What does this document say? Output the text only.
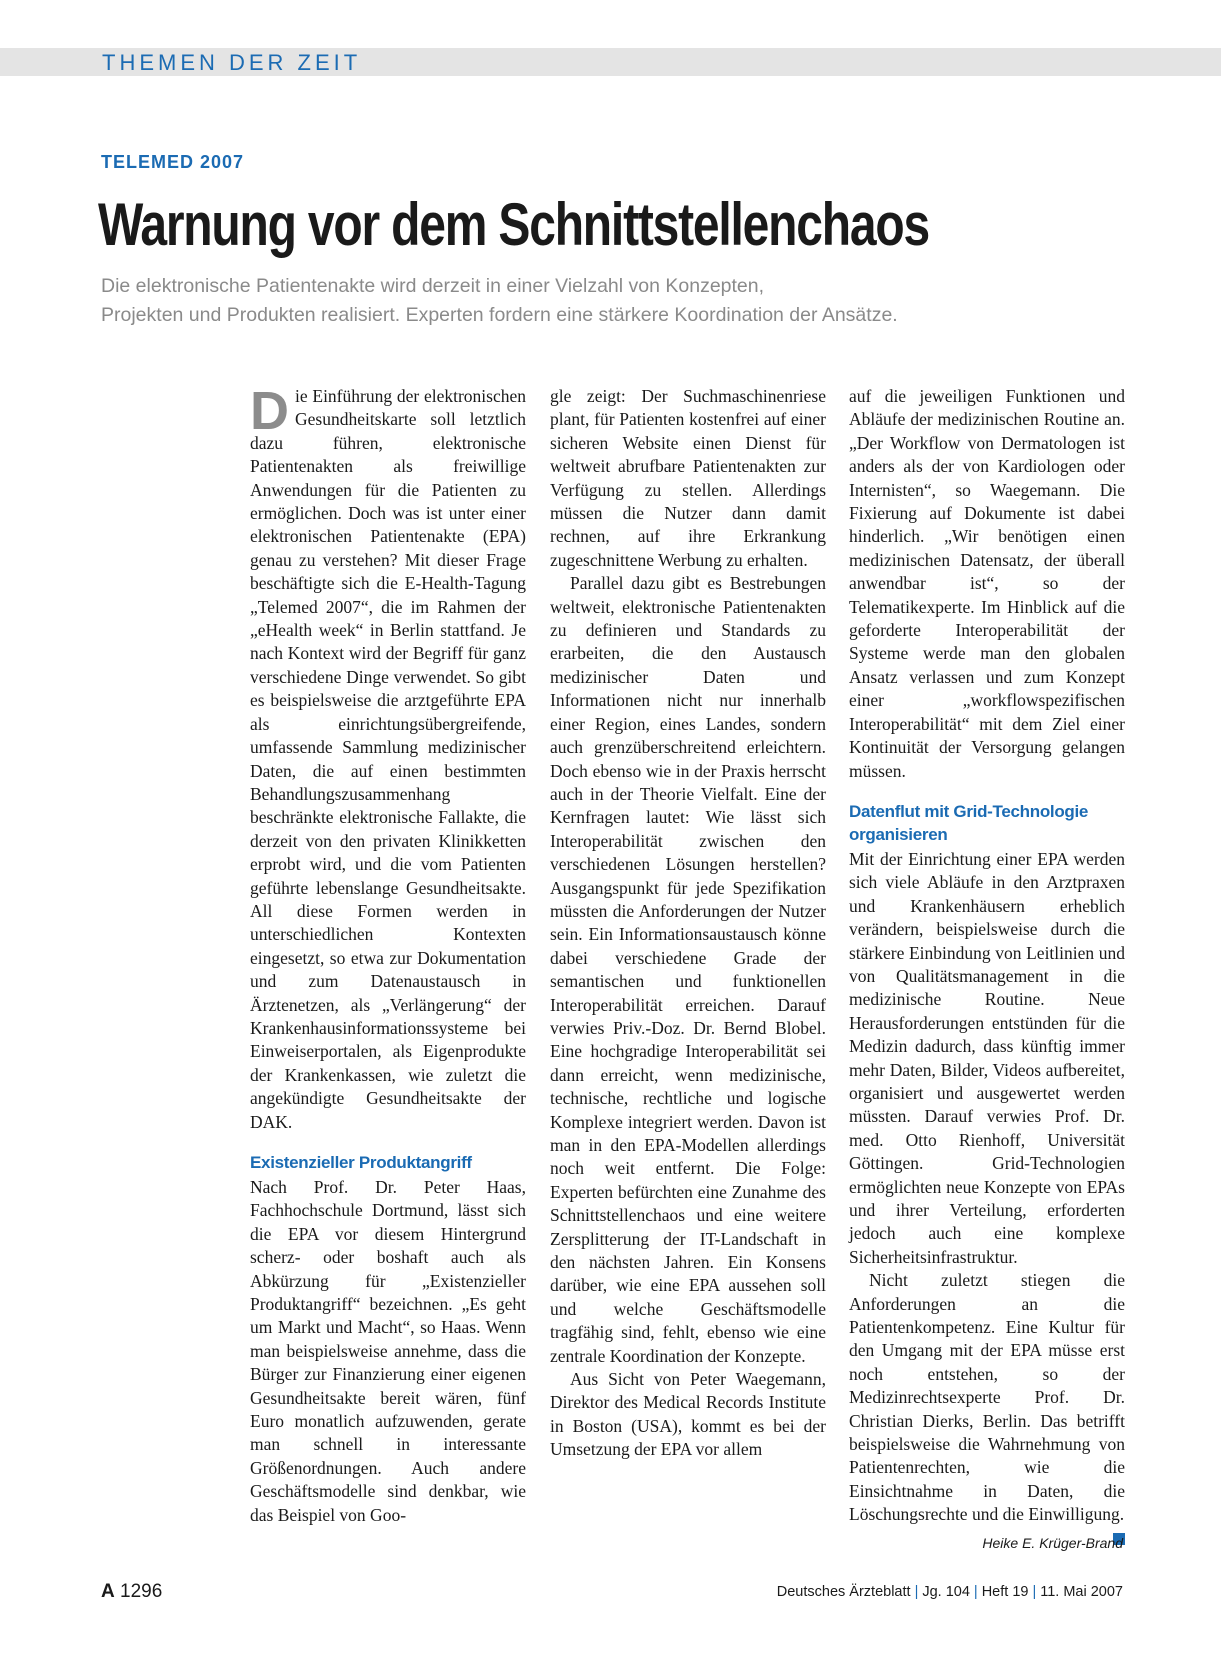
THEMEN DER ZEIT
TELEMED 2007
Warnung vor dem Schnittstellenchaos
Die elektronische Patientenakte wird derzeit in einer Vielzahl von Konzepten,
Projekten und Produkten realisiert. Experten fordern eine stärkere Koordination der Ansätze.

Die Einführung der elektronischen Gesundheitskarte soll letztlich dazu führen, elektronische Patientenakten als freiwillige Anwendungen für die Patienten zu ermöglichen. Doch was ist unter einer elektronischen Patientenakte (EPA) genau zu verstehen? Mit dieser Frage beschäftigte sich die E-Health-Tagung „Telemed 2007“, die im Rahmen der „eHealth week“ in Berlin stattfand. Je nach Kontext wird der Begriff für ganz verschiedene Dinge verwendet. So gibt es beispielsweise die arztgeführte EPA als einrichtungsübergreifende, umfassende Sammlung medizinischer Daten, die auf einen bestimmten Behandlungszusammenhang beschränkte elektronische Fallakte, die derzeit von den privaten Klinikketten erprobt wird, und die vom Patienten geführte lebenslange Gesundheitsakte. All diese Formen werden in unterschiedlichen Kontexten eingesetzt, so etwa zur Dokumentation und zum Datenaustausch in Ärztenetzen, als „Verlängerung“ der Krankenhausinformationssysteme bei Einweiserportalen, als Eigenprodukte der Krankenkassen, wie zuletzt die angekündigte Gesundheitsakte der DAK.

Existenzieller Produktangriff

Nach Prof. Dr. Peter Haas, Fachhochschule Dortmund, lässt sich die EPA vor diesem Hintergrund scherz- oder boshaft auch als Abkürzung für „Existenzieller Produktangriff“ bezeichnen. „Es geht um Markt und Macht“, so Haas. Wenn man beispielsweise annehme, dass die Bürger zur Finanzierung einer eigenen Gesundheitsakte bereit wären, fünf Euro monatlich aufzuwenden, gerate man schnell in interessante Größenordnungen. Auch andere Geschäftsmodelle sind denkbar, wie das Beispiel von Goo-

gle zeigt: Der Suchmaschinenriese plant, für Patienten kostenfrei auf einer sicheren Website einen Dienst für weltweit abrufbare Patientenakten zur Verfügung zu stellen. Allerdings müssen die Nutzer dann damit rechnen, auf ihre Erkrankung zugeschnittene Werbung zu erhalten.

Parallel dazu gibt es Bestrebungen weltweit, elektronische Patientenakten zu definieren und Standards zu erarbeiten, die den Austausch medizinischer Daten und Informationen nicht nur innerhalb einer Region, eines Landes, sondern auch grenzüberschreitend erleichtern. Doch ebenso wie in der Praxis herrscht auch in der Theorie Vielfalt. Eine der Kernfragen lautet: Wie lässt sich Interoperabilität zwischen den verschiedenen Lösungen herstellen? Ausgangspunkt für jede Spezifikation müssten die Anforderungen der Nutzer sein. Ein Informationsaustausch könne dabei verschiedene Grade der semantischen und funktionellen Interoperabilität erreichen. Darauf verwies Priv.-Doz. Dr. Bernd Blobel. Eine hochgradige Interoperabilität sei dann erreicht, wenn medizinische, technische, rechtliche und logische Komplexe integriert werden. Davon ist man in den EPA-Modellen allerdings noch weit entfernt. Die Folge: Experten befürchten eine Zunahme des Schnittstellenchaos und eine weitere Zersplitterung der IT-Landschaft in den nächsten Jahren. Ein Konsens darüber, wie eine EPA aussehen soll und welche Geschäftsmodelle tragfähig sind, fehlt, ebenso wie eine zentrale Koordination der Konzepte.

Aus Sicht von Peter Waegemann, Direktor des Medical Records Institute in Boston (USA), kommt es bei der Umsetzung der EPA vor allem

auf die jeweiligen Funktionen und Abläufe der medizinischen Routine an. „Der Workflow von Dermatologen ist anders als der von Kardiologen oder Internisten“, so Waegemann. Die Fixierung auf Dokumente ist dabei hinderlich. „Wir benötigen einen medizinischen Datensatz, der überall anwendbar ist“, so der Telematikexperte. Im Hinblick auf die geforderte Interoperabilität der Systeme werde man den globalen Ansatz verlassen und zum Konzept einer „workflowspezifischen Interoperabilität“ mit dem Ziel einer Kontinuität der Versorgung gelangen müssen.

Datenflut mit Grid-Technologie organisieren

Mit der Einrichtung einer EPA werden sich viele Abläufe in den Arztpraxen und Krankenhäusern erheblich verändern, beispielsweise durch die stärkere Einbindung von Leitlinien und von Qualitätsmanagement in die medizinische Routine. Neue Herausforderungen entstünden für die Medizin dadurch, dass künftig immer mehr Daten, Bilder, Videos aufbereitet, organisiert und ausgewertet werden müssten. Darauf verwies Prof. Dr. med. Otto Rienhoff, Universität Göttingen. Grid-Technologien ermöglichten neue Konzepte von EPAs und ihrer Verteilung, erforderten jedoch auch eine komplexe Sicherheitsinfrastruktur.

Nicht zuletzt stiegen die Anforderungen an die Patientenkompetenz. Eine Kultur für den Umgang mit der EPA müsse erst noch entstehen, so der Medizinrechtsexperte Prof. Dr. Christian Dierks, Berlin. Das betrifft beispielsweise die Wahrnehmung von Patientenrechten, wie die Einsichtnahme in Daten, die Löschungsrechte und die Einwilligung.

Heike E. Krüger-Brand
A 1296	Deutsches Ärzteblatt | Jg. 104 | Heft 19 | 11. Mai 2007
